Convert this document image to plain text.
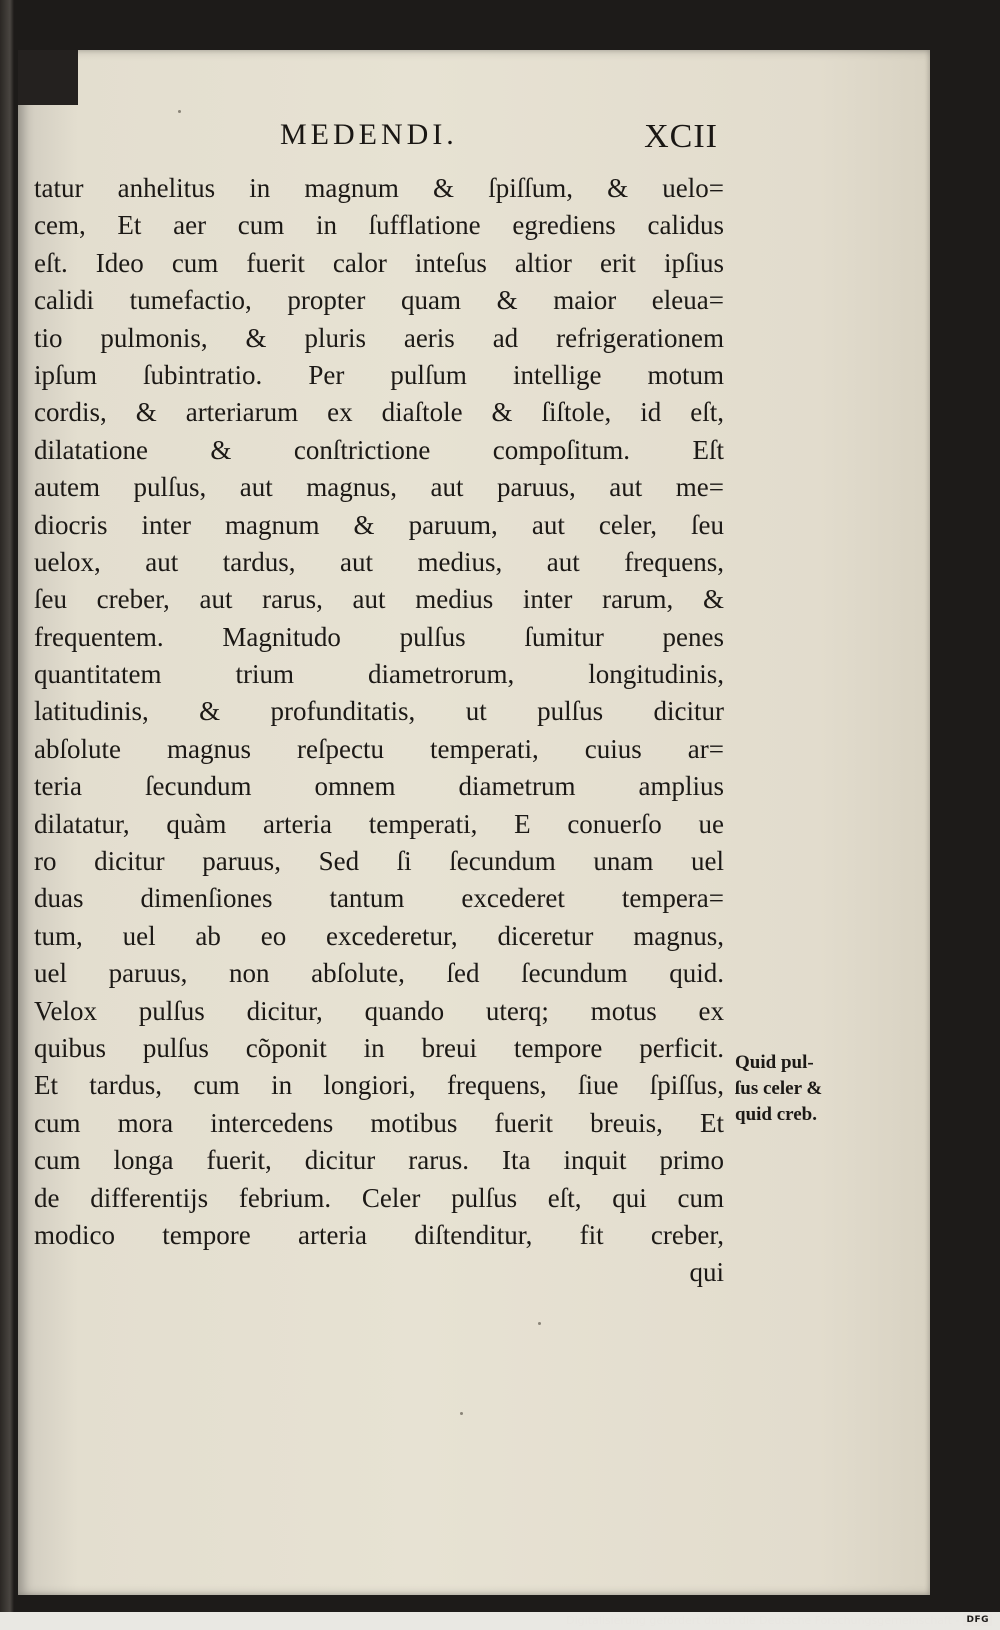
MEDENDI.	XCII
tatur anhelitus in magnum & ſpiſſum, & uelo=
cem, Et aer cum in ſufflatione egrediens calidus
eſt. Ideo cum fuerit calor inteſus altior erit ipſius
calidi tumefactio, propter quam & maior eleua=
tio pulmonis, & pluris aeris ad refrigerationem
ipſum ſubintratio. Per pulſum intellige motum
cordis, & arteriarum ex diaſtole & ſiſtole, id eſt,
dilatatione & conſtrictione compoſitum. Eſt
autem pulſus, aut magnus, aut paruus, aut me=
diocris inter magnum & paruum, aut celer, ſeu
uelox, aut tardus, aut medius, aut frequens,
ſeu creber, aut rarus, aut medius inter rarum, &
frequentem. Magnitudo pulſus ſumitur penes
quantitatem trium diametrorum, longitudinis,
latitudinis, & profunditatis, ut pulſus dicitur
abſolute magnus reſpectu temperati, cuius ar=
teria ſecundum omnem diametrum amplius
dilatatur, quàm arteria temperati, E conuerſo ue
ro dicitur paruus, Sed ſi ſecundum unam uel
duas dimenſiones tantum excederet tempera=
tum, uel ab eo excederetur, diceretur magnus,
uel paruus, non abſolute, ſed ſecundum quid.
Velox pulſus dicitur, quando uterq; motus ex
quibus pulſus cõponit in breui tempore perficit.
Et tardus, cum in longiori, frequens, ſiue ſpiſſus,
cum mora intercedens motibus fuerit breuis, Et
cum longa fuerit, dicitur rarus. Ita inquit primo
de differentijs febrium. Celer pulſus eſt, qui cum
modico tempore arteria diſtenditur, fit creber,
qui
Quid pul-
ſus celer &
quid creb.
Digitalisierung gefördert durch die Deutsche Forschungsgemeinschaft - DFG
